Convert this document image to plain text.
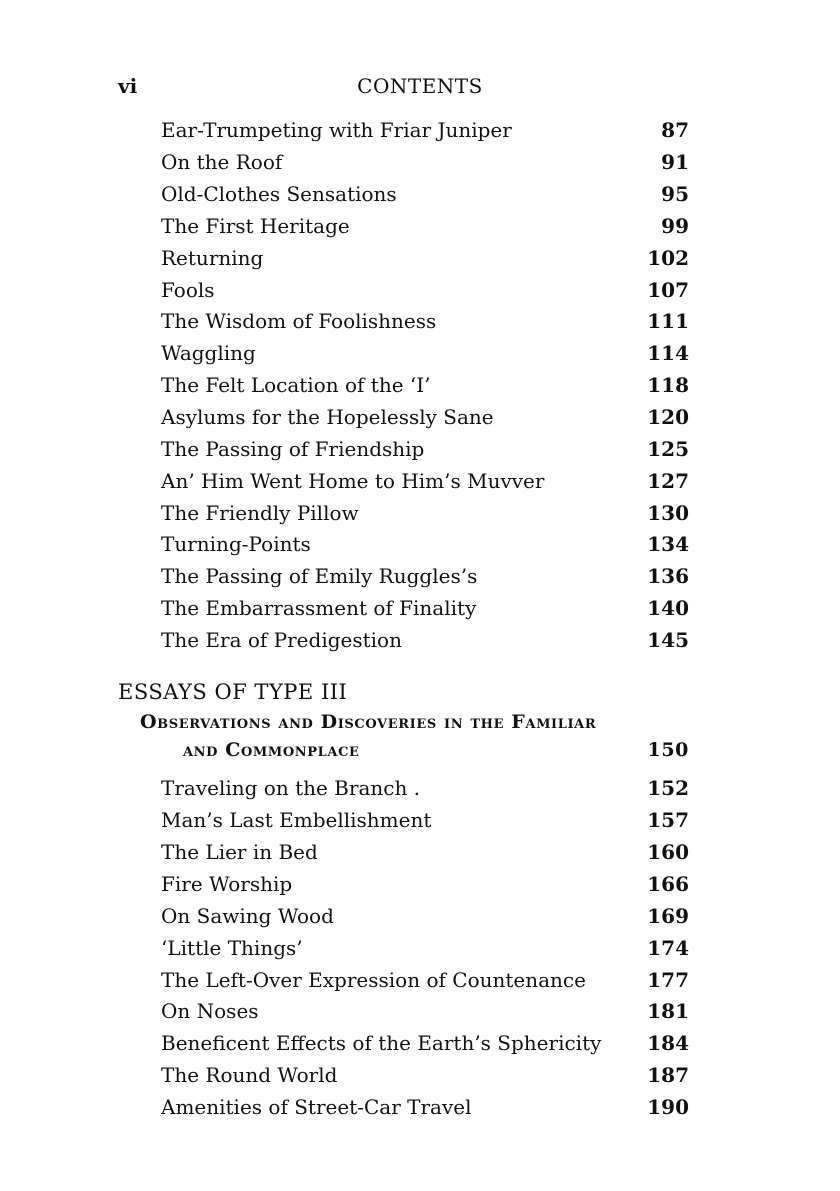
vi	CONTENTS
Ear-Trumpeting with Friar Juniper	87
On the Roof	91
Old-Clothes Sensations	95
The First Heritage	99
Returning	102
Fools	107
The Wisdom of Foolishness	111
Waggling	114
The Felt Location of the ‘I’	118
Asylums for the Hopelessly Sane	120
The Passing of Friendship	125
An’ Him Went Home to Him’s Muvver	127
The Friendly Pillow	130
Turning-Points	134
The Passing of Emily Ruggles’s	136
The Embarrassment of Finality	140
The Era of Predigestion	145
ESSAYS OF TYPE III
Observations and Discoveries in the Familiar
and Commonplace	150
Traveling on the Branch .	152
Man’s Last Embellishment	157
The Lier in Bed	160
Fire Worship	166
On Sawing Wood	169
‘Little Things’	174
The Left-Over Expression of Countenance	177
On Noses	181
Beneficent Effects of the Earth’s Sphericity 184
The Round World	187
Amenities of Street-Car Travel	190
